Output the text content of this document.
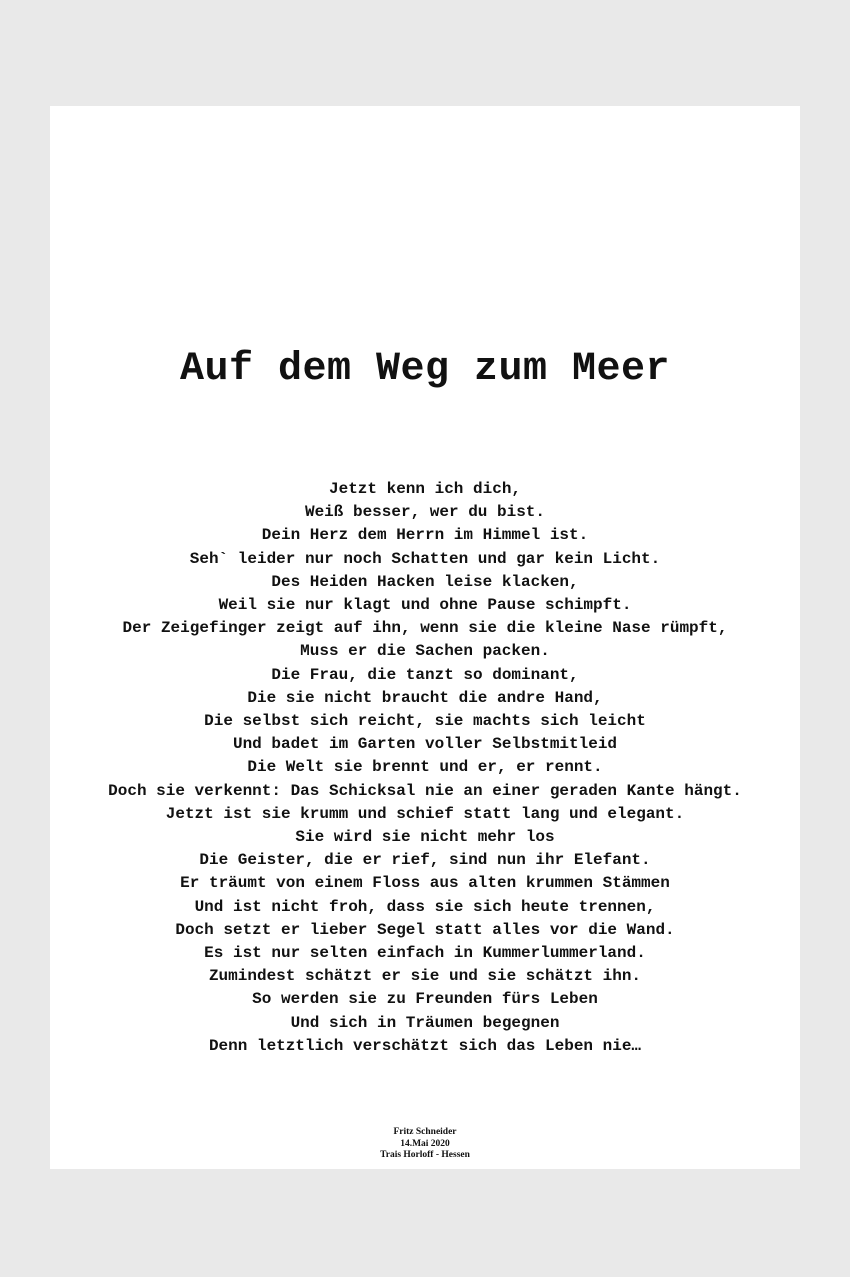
Auf dem Weg zum Meer
Jetzt kenn ich dich,
Weiß besser, wer du bist.
Dein Herz dem Herrn im Himmel ist.
Seh` leider nur noch Schatten und gar kein Licht.
Des Heiden Hacken leise klacken,
Weil sie nur klagt und ohne Pause schimpft.
Der Zeigefinger zeigt auf ihn, wenn sie die kleine Nase rümpft,
Muss er die Sachen packen.
Die Frau, die tanzt so dominant,
Die sie nicht braucht die andre Hand,
Die selbst sich reicht, sie machts sich leicht
Und badet im Garten voller Selbstmitleid
Die Welt sie brennt und er, er rennt.
Doch sie verkennt: Das Schicksal nie an einer geraden Kante hängt.
Jetzt ist sie krumm und schief statt lang und elegant.
Sie wird sie nicht mehr los
Die Geister, die er rief, sind nun ihr Elefant.
Er träumt von einem Floss aus alten krummen Stämmen
Und ist nicht froh, dass sie sich heute trennen,
Doch setzt er lieber Segel statt alles vor die Wand.
Es ist nur selten einfach in Kummerlummerland.
Zumindest schätzt er sie und sie schätzt ihn.
So werden sie zu Freunden fürs Leben
Und sich in Träumen begegnen
Denn letztlich verschätzt sich das Leben nie…
Fritz Schneider
14.Mai 2020
Trais Horloff - Hessen
